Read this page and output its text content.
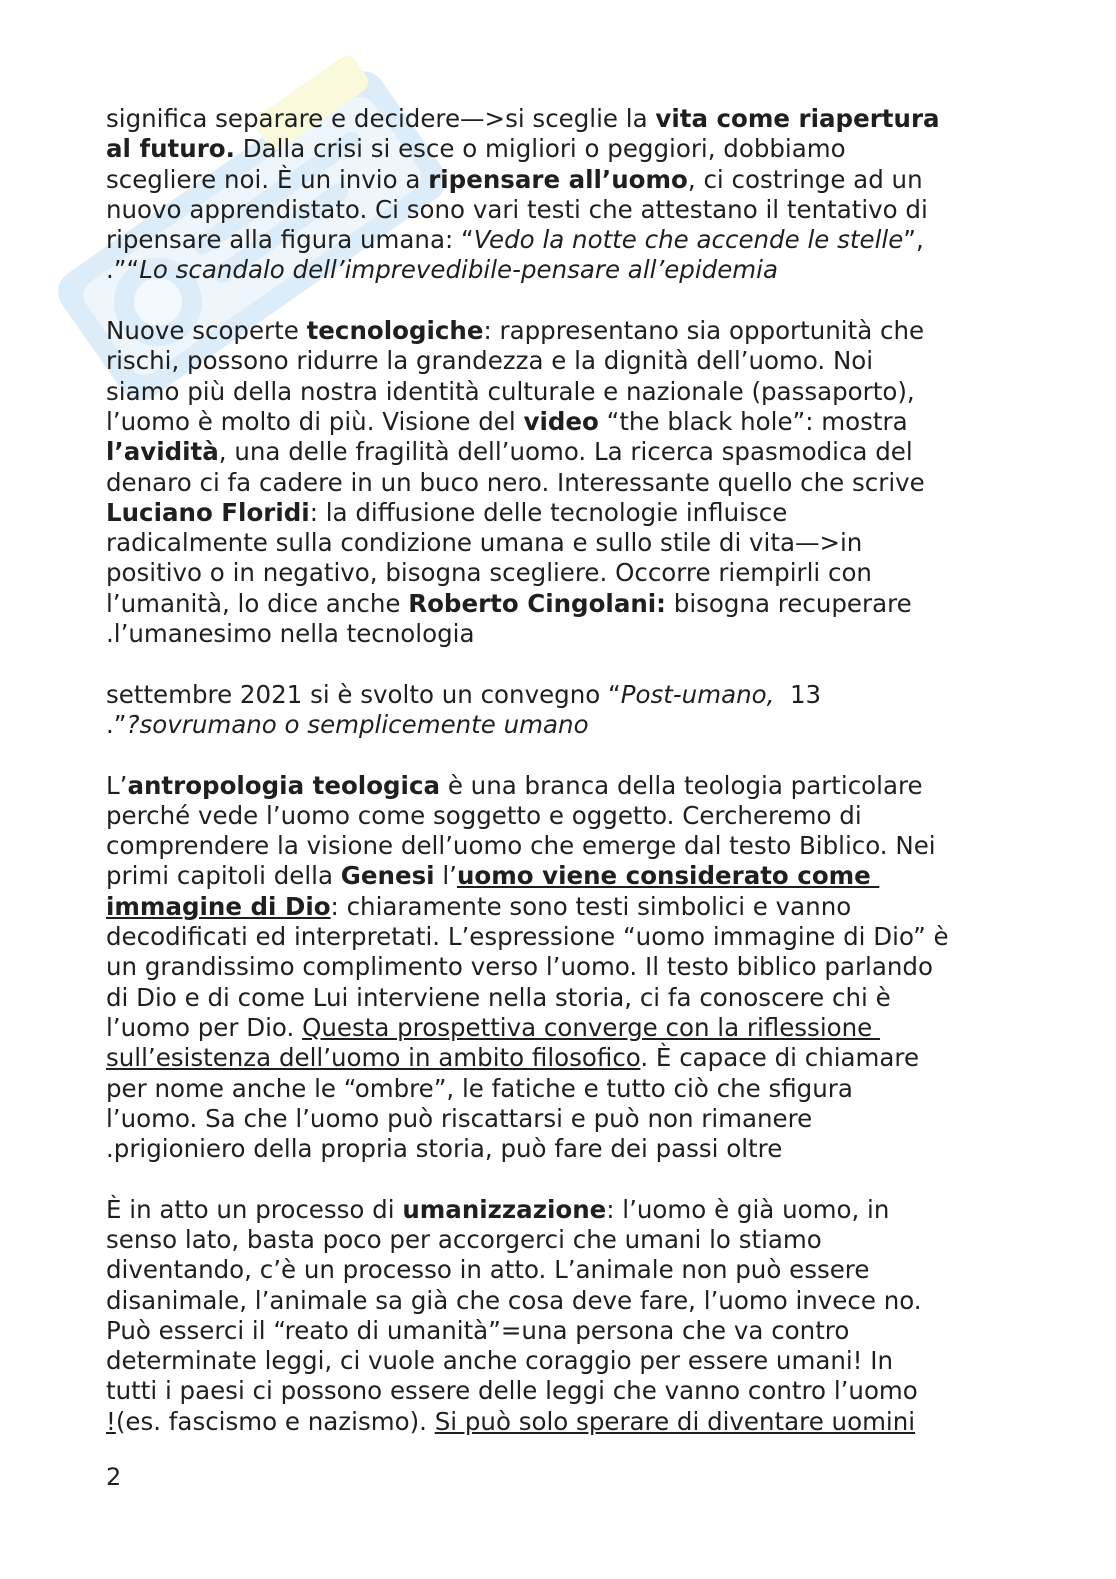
significa separare e decidere—>si sceglie la vita come riapertura
al futuro. Dalla crisi si esce o migliori o peggiori, dobbiamo
scegliere noi. È un invio a ripensare all’uomo, ci costringe ad un
nuovo apprendistato. Ci sono vari testi che attestano il tentativo di
ripensare alla figura umana: “Vedo la notte che accende le stelle”,
.”“Lo scandalo dell’imprevedibile-pensare all’epidemia

Nuove scoperte tecnologiche: rappresentano sia opportunità che
rischi, possono ridurre la grandezza e la dignità dell’uomo. Noi
siamo più della nostra identità culturale e nazionale (passaporto),
l’uomo è molto di più. Visione del video “the black hole”: mostra
l’avidità, una delle fragilità dell’uomo. La ricerca spasmodica del
denaro ci fa cadere in un buco nero. Interessante quello che scrive
Luciano Floridi: la diffusione delle tecnologie influisce
radicalmente sulla condizione umana e sullo stile di vita—>in
positivo o in negativo, bisogna scegliere. Occorre riempirli con
l’umanità, lo dice anche Roberto Cingolani: bisogna recuperare
.l’umanesimo nella tecnologia

settembre 2021 si è svolto un convegno “Post-umano,  13
.”?sovrumano o semplicemente umano

L’antropologia teologica è una branca della teologia particolare
perché vede l’uomo come soggetto e oggetto. Cercheremo di
comprendere la visione dell’uomo che emerge dal testo Biblico. Nei
primi capitoli della Genesi l’uomo viene considerato come
immagine di Dio: chiaramente sono testi simbolici e vanno
decodificati ed interpretati. L’espressione “uomo immagine di Dio” è
un grandissimo complimento verso l’uomo. Il testo biblico parlando
di Dio e di come Lui interviene nella storia, ci fa conoscere chi è
l’uomo per Dio. Questa prospettiva converge con la riflessione
sull’esistenza dell’uomo in ambito filosofico. È capace di chiamare
per nome anche le “ombre”, le fatiche e tutto ciò che sfigura
l’uomo. Sa che l’uomo può riscattarsi e può non rimanere
.prigioniero della propria storia, può fare dei passi oltre

È in atto un processo di umanizzazione: l’uomo è già uomo, in
senso lato, basta poco per accorgerci che umani lo stiamo
diventando, c’è un processo in atto. L’animale non può essere
disanimale, l’animale sa già che cosa deve fare, l’uomo invece no.
Può esserci il “reato di umanità”=una persona che va contro
determinate leggi, ci vuole anche coraggio per essere umani! In
tutti i paesi ci possono essere delle leggi che vanno contro l’uomo
!(es. fascismo e nazismo). Si può solo sperare di diventare uomini

2
